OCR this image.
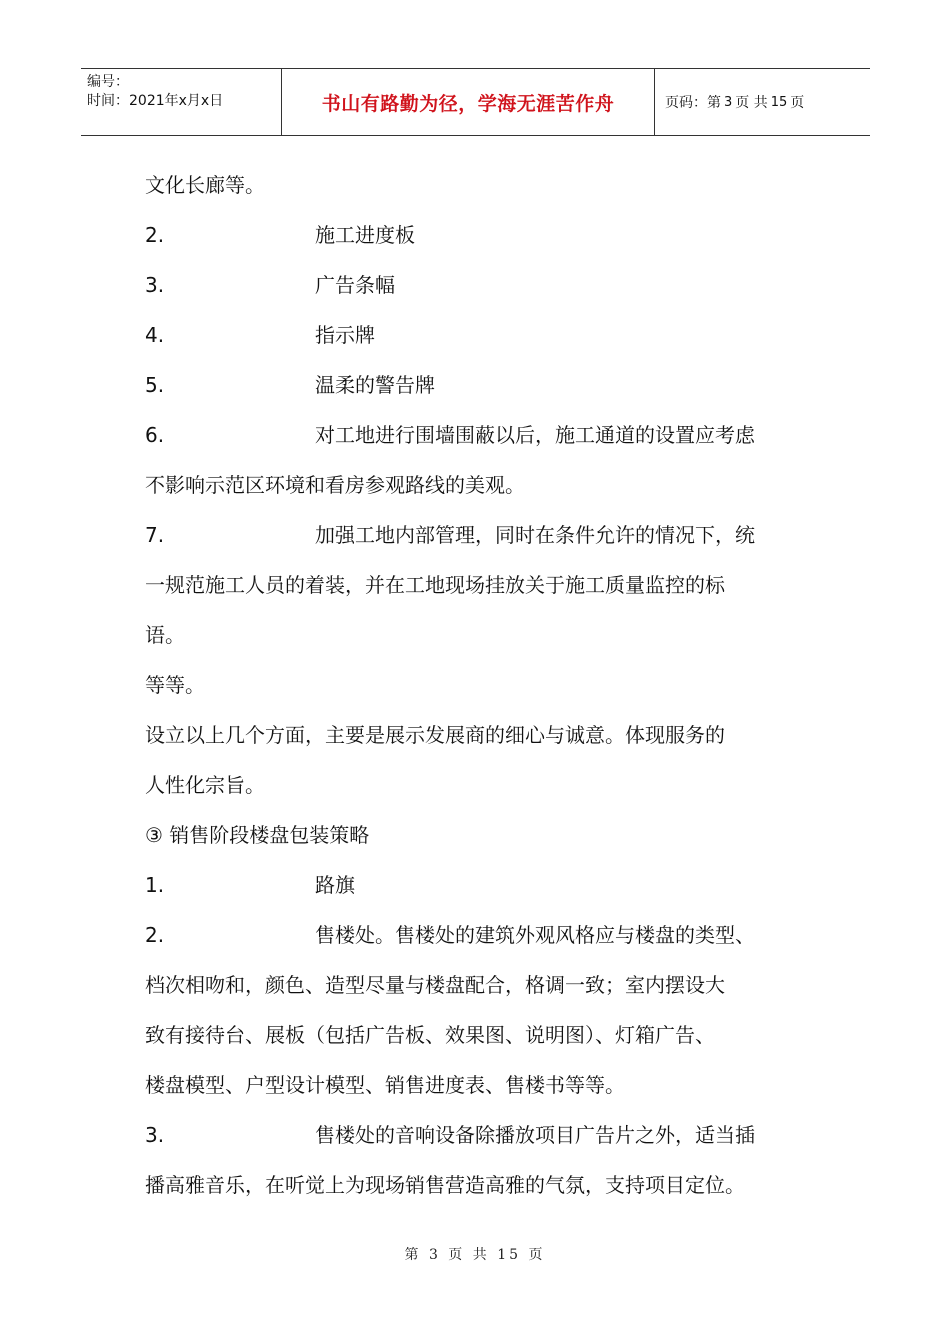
编号：
时间：2021年x月x日	书山有路勤为径，学海无涯苦作舟	页码：第 3 页 共 15 页
文化长廊等。
2.	施工进度板
3.	广告条幅
4.	指示牌
5.	温柔的警告牌
6.	对工地进行围墙围蔽以后，施工通道的设置应考虑
不影响示范区环境和看房参观路线的美观。
7.	加强工地内部管理，同时在条件允许的情况下，统
一规范施工人员的着装，并在工地现场挂放关于施工质量监控的标
语。
等等。
设立以上几个方面，主要是展示发展商的细心与诚意。体现服务的
人性化宗旨。
③ 销售阶段楼盘包装策略
1.	路旗
2.	售楼处。售楼处的建筑外观风格应与楼盘的类型、
档次相吻和，颜色、造型尽量与楼盘配合，格调一致；室内摆设大
致有接待台、展板（包括广告板、效果图、说明图）、灯箱广告、
楼盘模型、户型设计模型、销售进度表、售楼书等等。
3.	售楼处的音响设备除播放项目广告片之外，适当插
播高雅音乐，在听觉上为现场销售营造高雅的气氛，支持项目定位。
第 3 页 共 15 页
